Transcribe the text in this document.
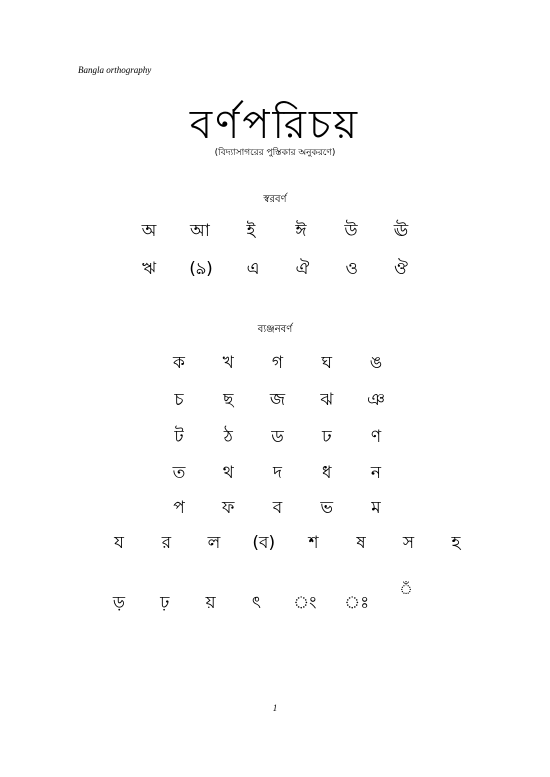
Bangla orthography
বর্ণপরিচয়
(বিদ্যাসাগরের পুস্তিকার অনুকরণে)
স্বরবর্ণ
অ আ ই ঈ উ ঊ
ঋ (ঌ) এ ঐ ও ঔ
ব্যঞ্জনবর্ণ
ক খ গ ঘ ঙ
চ ছ জ ঝ ঞ
ট ঠ ড ঢ ণ
ত থ দ ধ ন
প ফ ব ভ ম
য র ল (ব) শ ষ স হ
ড় ঢ় য় ৎ ং ঃ
ঁ
1
